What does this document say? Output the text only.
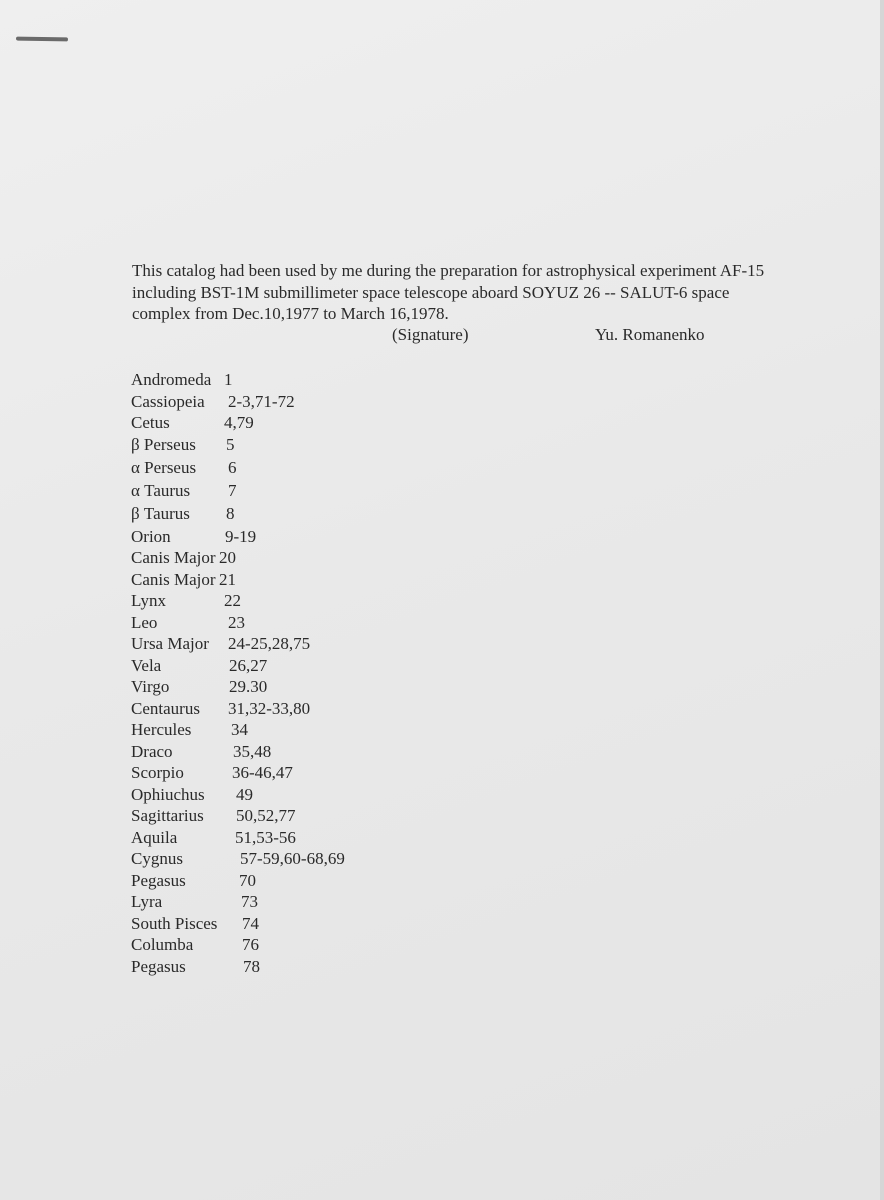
This catalog had been used by me during the preparation for astrophysical experiment AF-15 including BST-1M submillimeter space telescope aboard SOYUZ 26 -- SALUT-6 space complex from Dec.10,1977 to March 16,1978.

(Signature)	Yu. Romanenko
Andromeda 1
Cassiopeia 2-3,71-72
Cetus	4,79
β Perseus 5
α Perseus 6
α Taurus 7
β Taurus 8
Orion	9-19
Canis Major 20
Canis Major 21
Lynx	22
Leo	23
Ursa Major 24-25,28,75
Vela	26,27
Virgo	29.30
Centaurus 31,32-33,80
Hercules 34
Draco	35,48
Scorpio	36-46,47
Ophiuchus 49
Sagittarius 50,52,77
Aquila	51,53-56
Cygnus	57-59,60-68,69
Pegasus	70
Lyra	73
South Pisces 74
Columba	76
Pegasus	78
